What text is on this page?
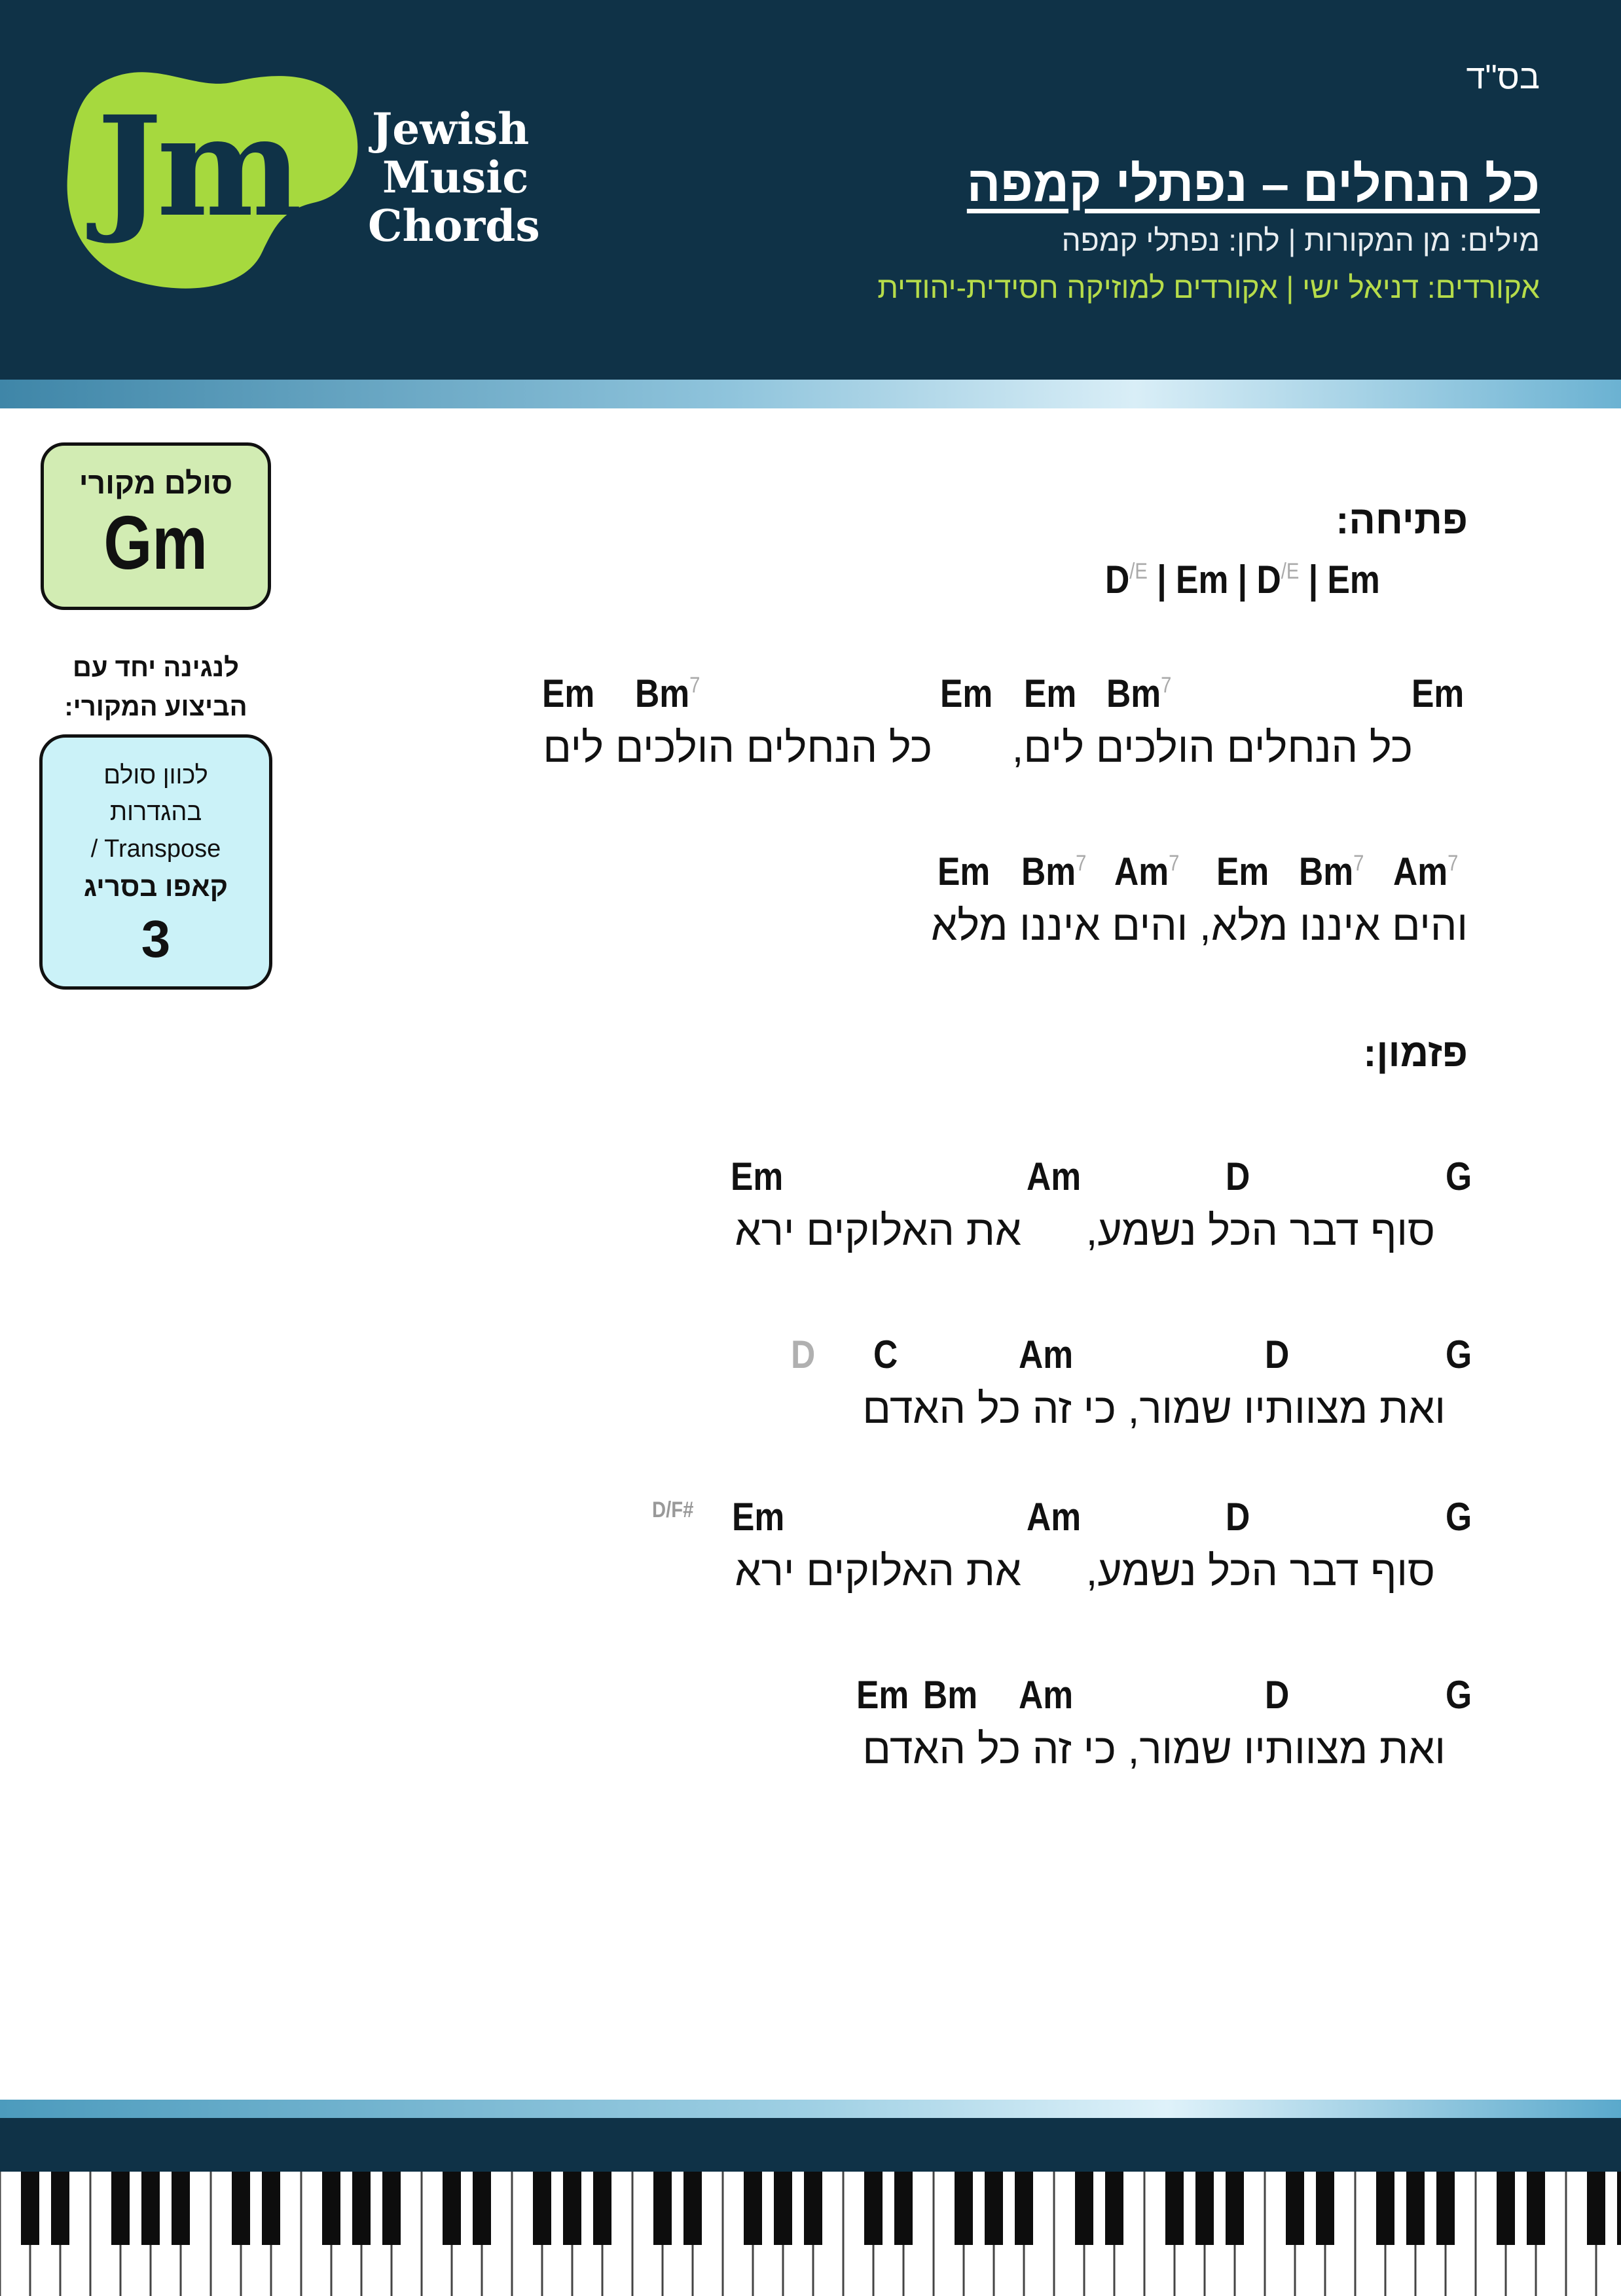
Jm Jewish
Music
Chords
בס"ד
כל הנחלים – נפתלי קמפה
מילים: מן המקורות | לחן: נפתלי קמפה
אקורדים: דניאל ישי | אקורדים למוזיקה חסידית-יהודית
סולם מקורי
Gm
לנגינה יחד עם
הביצוע המקורי:
לכוון סולם
בהגדרות
/ Transpose
קאפו בסריג
3
פתיחה:
$D^{/E}$ | Em | $D^{/E}$ | Em
Em Bm$^7$	Em Em Bm$^7$	Em
כל הנחלים הולכים לים,
כל הנחלים הולכים לים
Em Bm$^7$ Am$^7$ Em Bm$^7$ Am$^7$
והים איננו מלא, והים איננו מלא
פזמון:
Em	Am	D	G
סוף דבר הכל נשמע,
את האלוקים ירא
D C	Am	D	G
ואת מצוותיו שמור, כי זה כל האדם
D/F# Em	Am	D	G
סוף דבר הכל נשמע,
את האלוקים ירא
Em Bm Am	D	G
ואת מצוותיו שמור, כי זה כל האדם
